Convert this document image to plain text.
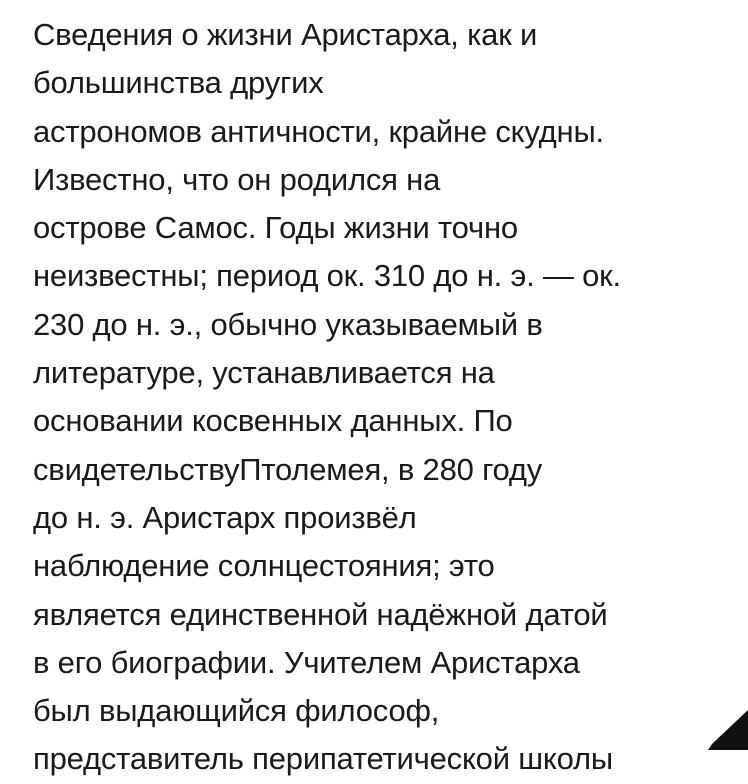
Сведения о жизни Аристарха, как и
большинства других
астрономов античности, крайне скудны.
Известно, что он родился на
острове Самос. Годы жизни точно
неизвестны; период ок. 310 до н. э. — ок.
230 до н. э., обычно указываемый в
литературе, устанавливается на
основании косвенных данных. По
свидетельствуПтолемея, в 280 году
до н. э. Аристарх произвёл
наблюдение солнцестояния; это
является единственной надёжной датой
в его биографии. Учителем Аристарха
был выдающийся философ,
представитель перипатетической школы
